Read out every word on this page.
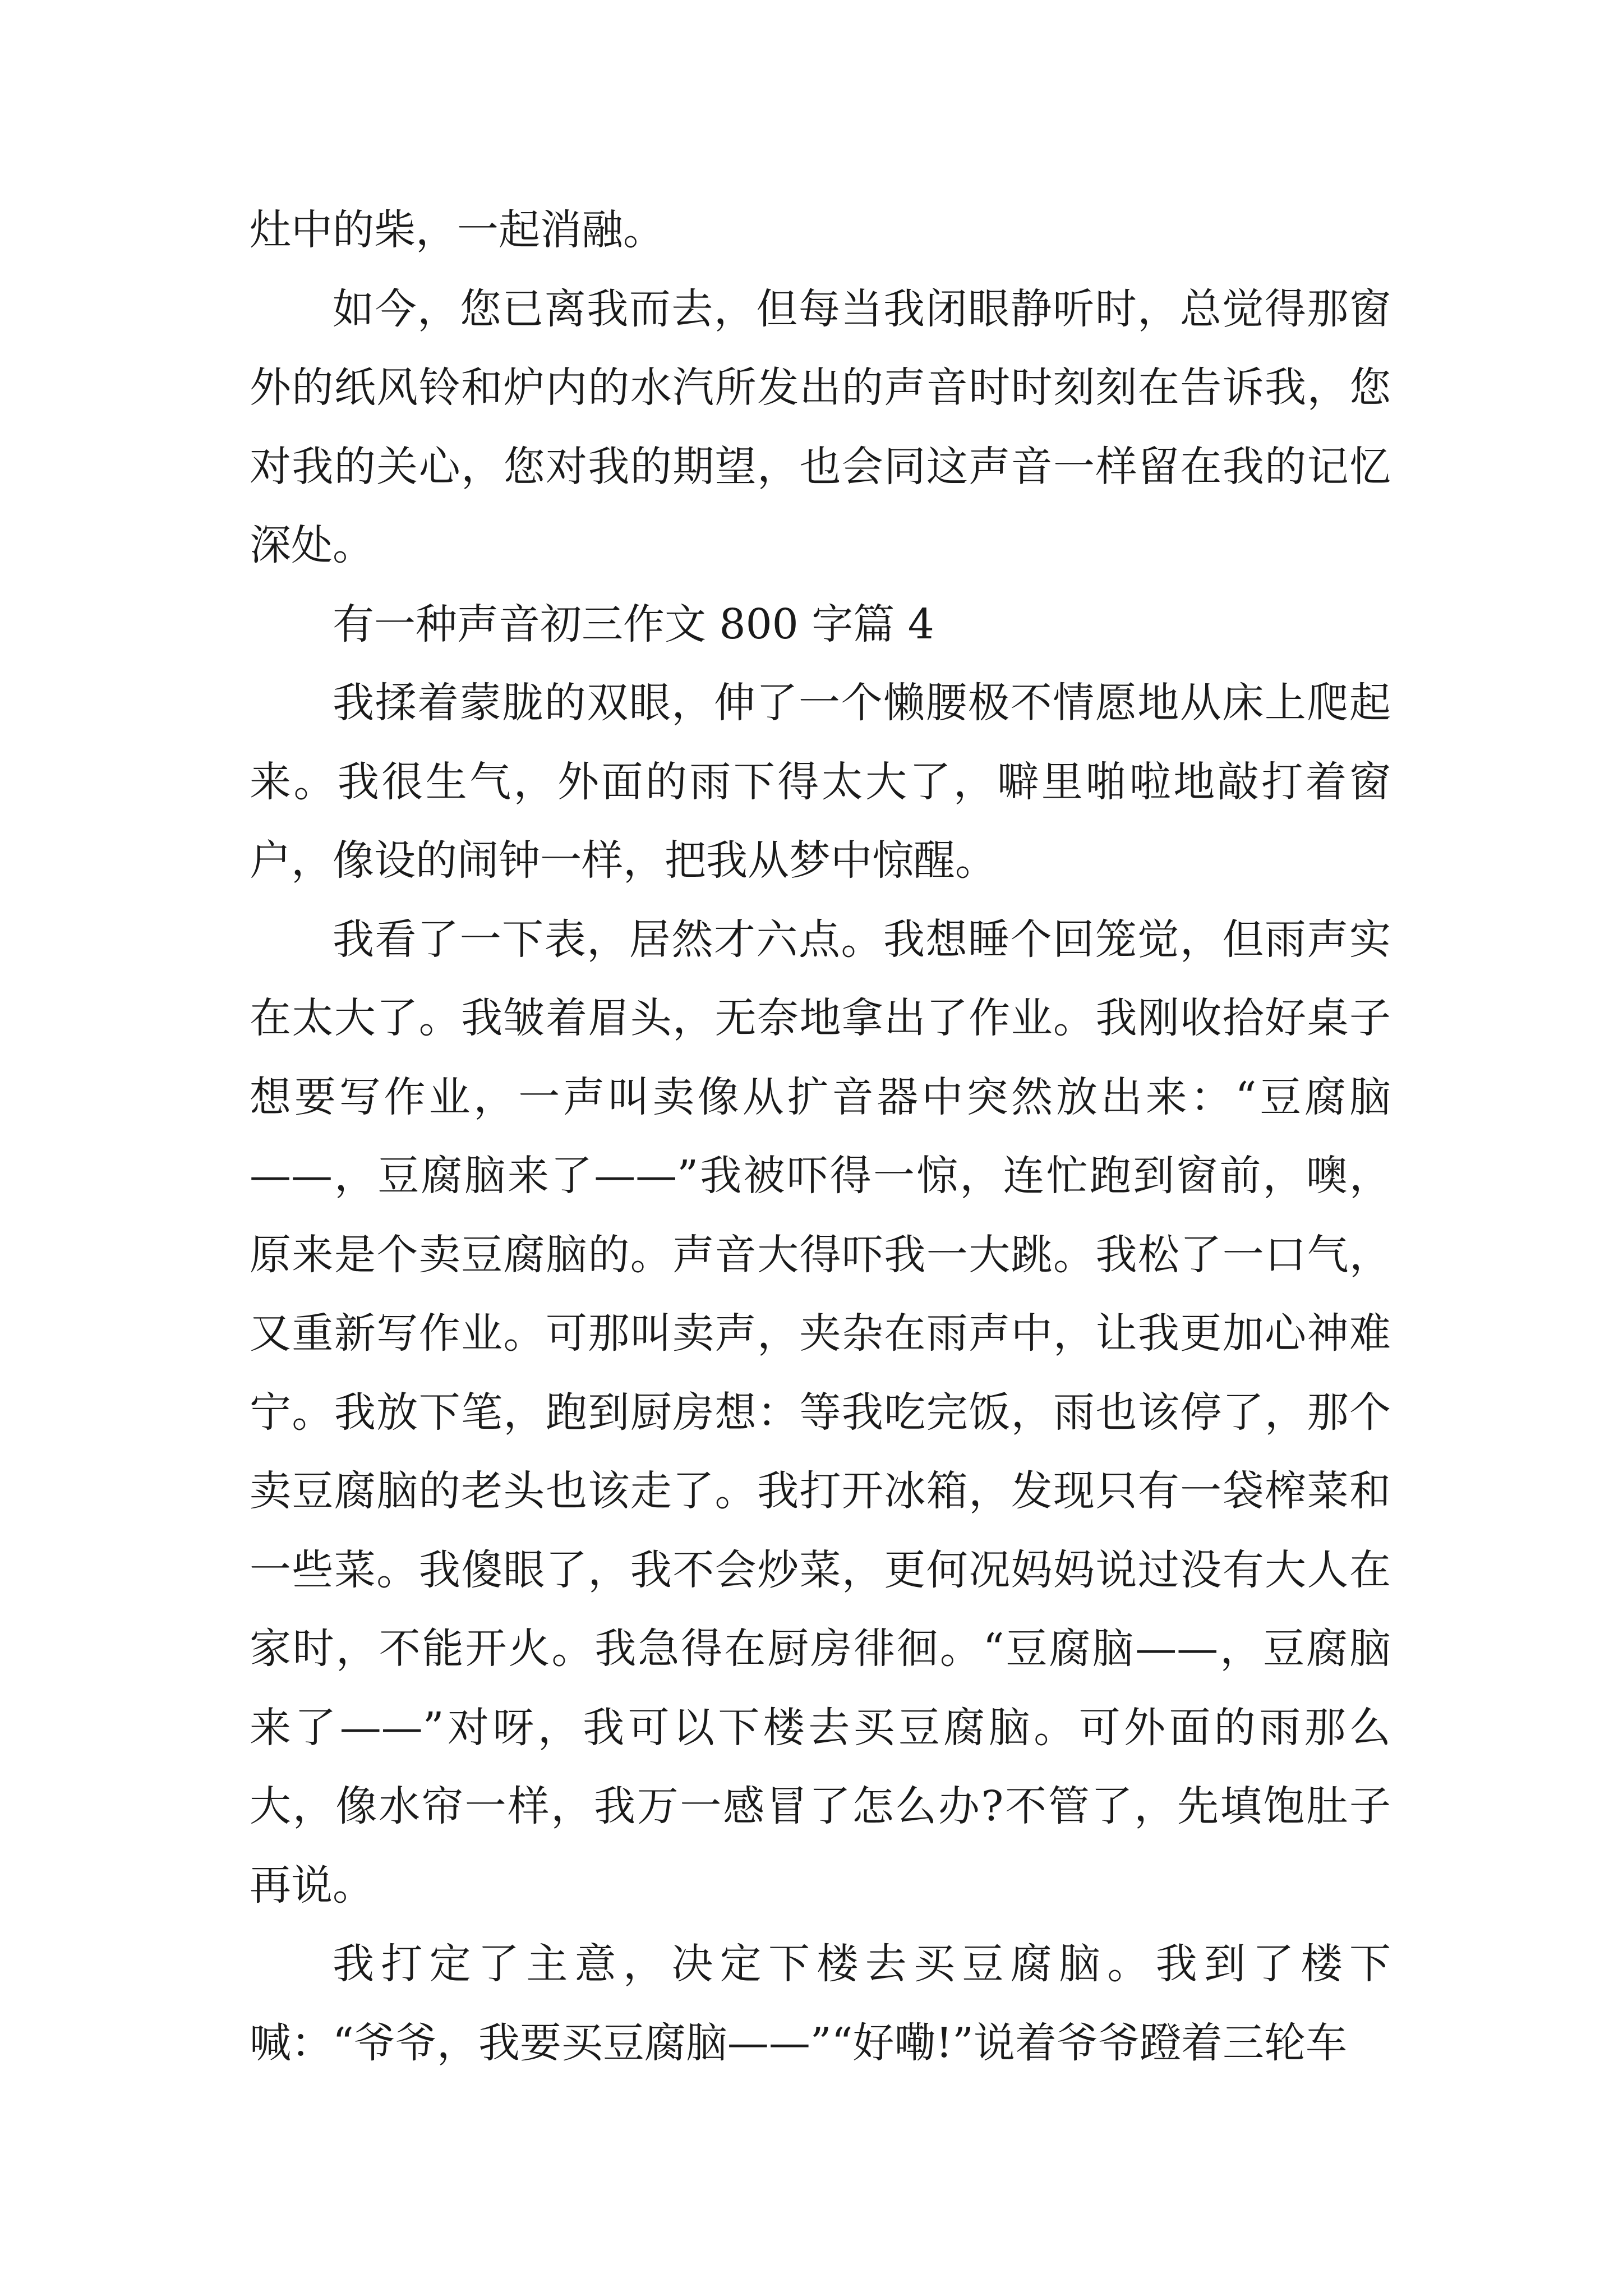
灶中的柴，一起消融。

如今，您已离我而去，但每当我闭眼静听时，总觉得那窗外的纸风铃和炉内的水汽所发出的声音时时刻刻在告诉我，您对我的关心，您对我的期望，也会同这声音一样留在我的记忆深处。

有一种声音初三作文 800 字篇 4

我揉着蒙胧的双眼，伸了一个懒腰极不情愿地从床上爬起来。我很生气，外面的雨下得太大了，噼里啪啦地敲打着窗户，像设的闹钟一样，把我从梦中惊醒。

我看了一下表，居然才六点。我想睡个回笼觉，但雨声实在太大了。我皱着眉头，无奈地拿出了作业。我刚收拾好桌子想要写作业，一声叫卖像从扩音器中突然放出来：“豆腐脑——，豆腐脑来了——”我被吓得一惊，连忙跑到窗前，噢，原来是个卖豆腐脑的。声音大得吓我一大跳。我松了一口气，又重新写作业。可那叫卖声，夹杂在雨声中，让我更加心神难宁。我放下笔，跑到厨房想：等我吃完饭，雨也该停了，那个卖豆腐脑的老头也该走了。我打开冰箱，发现只有一袋榨菜和一些菜。我傻眼了，我不会炒菜，更何况妈妈说过没有大人在家时，不能开火。我急得在厨房徘徊。“豆腐脑——，豆腐脑来了——”对呀，我可以下楼去买豆腐脑。可外面的雨那么大，像水帘一样，我万一感冒了怎么办?不管了，先填饱肚子再说。

我打定了主意，决定下楼去买豆腐脑。我到了楼下喊：“爷爷，我要买豆腐脑——”“好嘞!”说着爷爷蹬着三轮车
